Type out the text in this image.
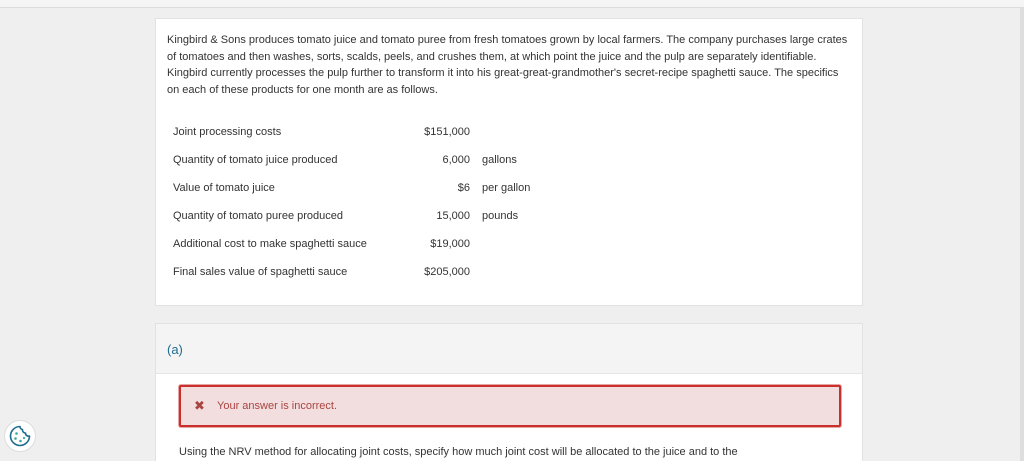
Kingbird & Sons produces tomato juice and tomato puree from fresh tomatoes grown by local farmers. The company purchases large crates of tomatoes and then washes, sorts, scalds, peels, and crushes them, at which point the juice and the pulp are separately identifiable. Kingbird currently processes the pulp further to transform it into his great-great-grandmother's secret-recipe spaghetti sauce. The specifics on each of these products for one month are as follows.

Joint processing costs	$151,000	
Quantity of tomato juice produced	6,000	gallons
Value of tomato juice	$6	per gallon
Quantity of tomato puree produced	15,000	pounds
Additional cost to make spaghetti sauce	$19,000	
Final sales value of spaghetti sauce	$205,000	
(a)
✖ Your answer is incorrect.

Using the NRV method for allocating joint costs, specify how much joint cost will be allocated to the juice and to the
